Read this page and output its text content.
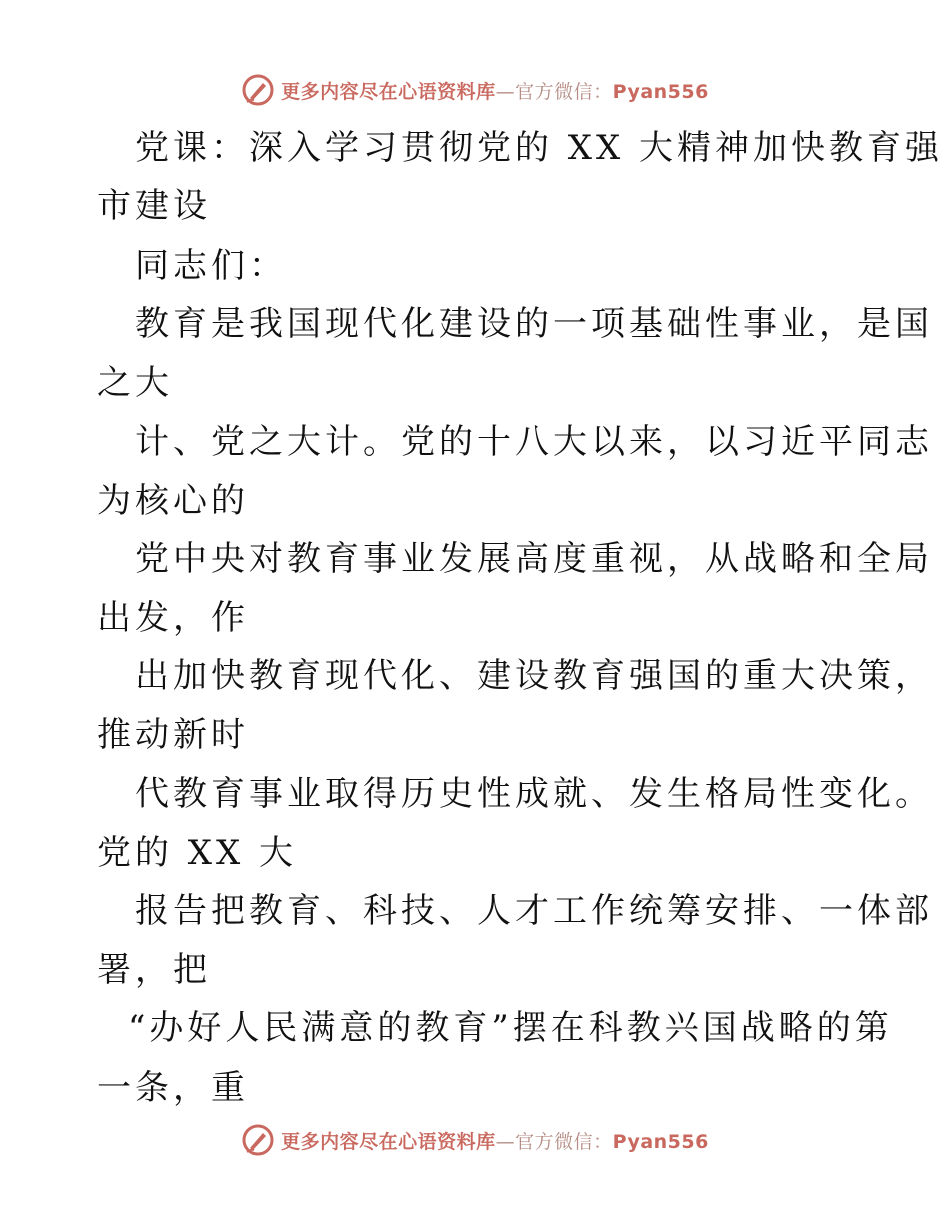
更多内容尽在心语资料库—官方微信：Pyan556
党课：深入学习贯彻党的 XX 大精神加快教育强
市建设
同志们：
教育是我国现代化建设的一项基础性事业，是国
之大
计、党之大计。党的十八大以来，以习近平同志
为核心的
党中央对教育事业发展高度重视，从战略和全局
出发，作
出加快教育现代化、建设教育强国的重大决策，
推动新时
代教育事业取得历史性成就、发生格局性变化。
党的 XX 大
报告把教育、科技、人才工作统筹安排、一体部
署，把
“办好人民满意的教育”摆在科教兴国战略的第
一条，重
更多内容尽在心语资料库—官方微信：Pyan556
